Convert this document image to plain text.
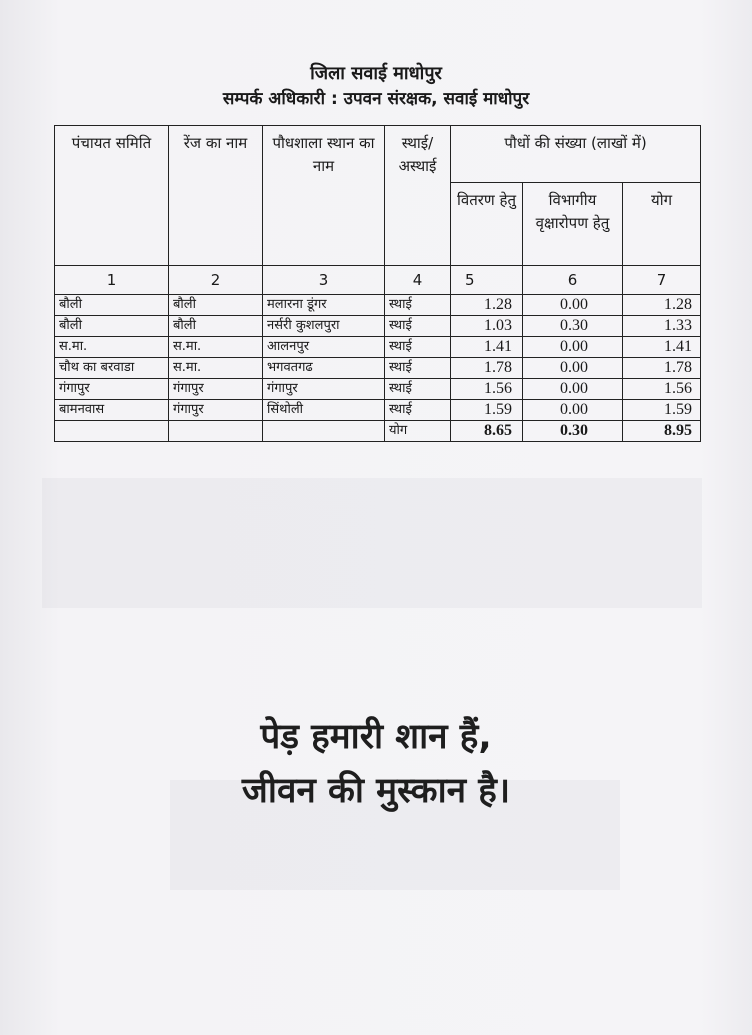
जिला सवाई माधोपुर
सम्पर्क अधिकारी : उपवन संरक्षक, सवाई माधोपुर
पंचायत समिति	रेंज का नाम	पौधशाला स्थान का नाम	स्थाई/ अस्थाई	पौधों की संख्या (लाखों में)		
				वितरण हेतु	विभागीय वृक्षारोपण हेतु	योग
1	2	3	4	5	6	7
बौली	बौली	मलारना डूंगर	स्थाई	1.28	0.00	1.28
बौली	बौली	नर्सरी कुशलपुरा	स्थाई	1.03	0.30	1.33
स.मा.	स.मा.	आलनपुर	स्थाई	1.41	0.00	1.41
चौथ का बरवाडा	स.मा.	भगवतगढ	स्थाई	1.78	0.00	1.78
गंगापुर	गंगापुर	गंगापुर	स्थाई	1.56	0.00	1.56
बामनवास	गंगापुर	सिंथोली	स्थाई	1.59	0.00	1.59
			योग	8.65	0.30	8.95
पेड़ हमारी शान हैं,
जीवन की मुस्कान है।
